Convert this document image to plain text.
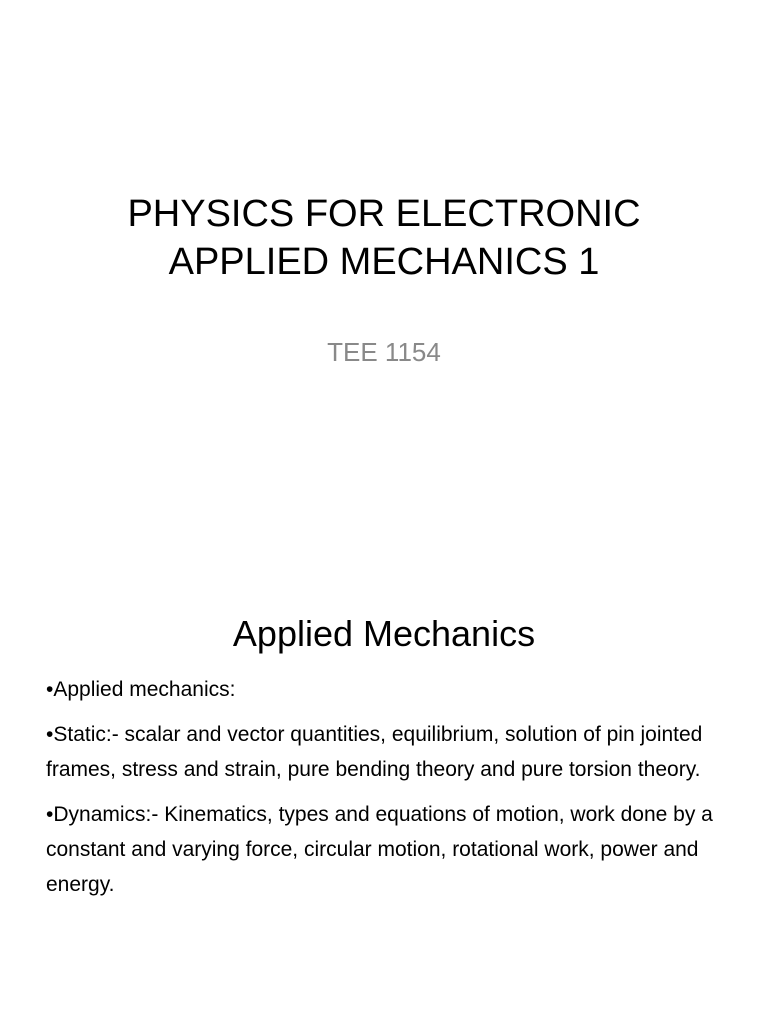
PHYSICS FOR ELECTRONIC
APPLIED MECHANICS 1

TEE 1154

Applied Mechanics
•Applied mechanics:
•Static:- scalar and vector quantities, equilibrium, solution of pin jointed frames, stress and strain, pure bending theory and pure torsion theory.
•Dynamics:- Kinematics, types and equations of motion, work done by a constant and varying force, circular motion, rotational work, power and energy.
